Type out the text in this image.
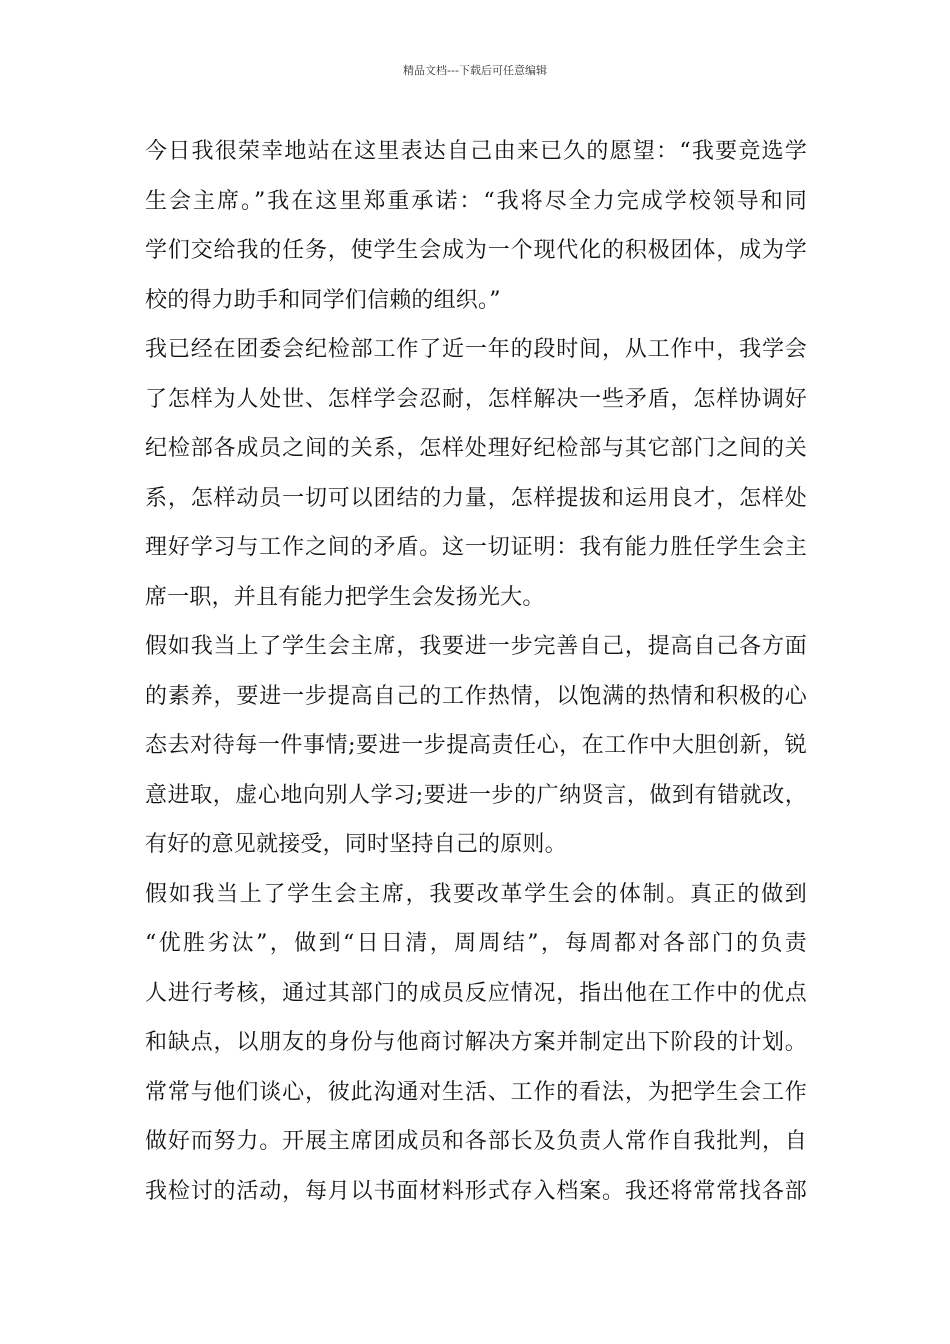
精品文档---下载后可任意编辑
今日我很荣幸地站在这里表达自己由来已久的愿望：“我要竞选学
生会主席。”我在这里郑重承诺：“我将尽全力完成学校领导和同
学们交给我的任务，使学生会成为一个现代化的积极团体，成为学
校的得力助手和同学们信赖的组织。”
我已经在团委会纪检部工作了近一年的段时间，从工作中，我学会
了怎样为人处世、怎样学会忍耐，怎样解决一些矛盾，怎样协调好
纪检部各成员之间的关系，怎样处理好纪检部与其它部门之间的关
系，怎样动员一切可以团结的力量，怎样提拔和运用良才，怎样处
理好学习与工作之间的矛盾。这一切证明：我有能力胜任学生会主
席一职，并且有能力把学生会发扬光大。
假如我当上了学生会主席，我要进一步完善自己，提高自己各方面
的素养，要进一步提高自己的工作热情，以饱满的热情和积极的心
态去对待每一件事情;要进一步提高责任心，在工作中大胆创新，锐
意进取，虚心地向别人学习;要进一步的广纳贤言，做到有错就改，
有好的意见就接受，同时坚持自己的原则。
假如我当上了学生会主席，我要改革学生会的体制。真正的做到
“优胜劣汰”，做到“日日清，周周结”，每周都对各部门的负责
人进行考核，通过其部门的成员反应情况，指出他在工作中的优点
和缺点，以朋友的身份与他商讨解决方案并制定出下阶段的计划。
常常与他们谈心，彼此沟通对生活、工作的看法，为把学生会工作
做好而努力。开展主席团成员和各部长及负责人常作自我批判，自
我检讨的活动，每月以书面材料形式存入档案。我还将常常找各部
